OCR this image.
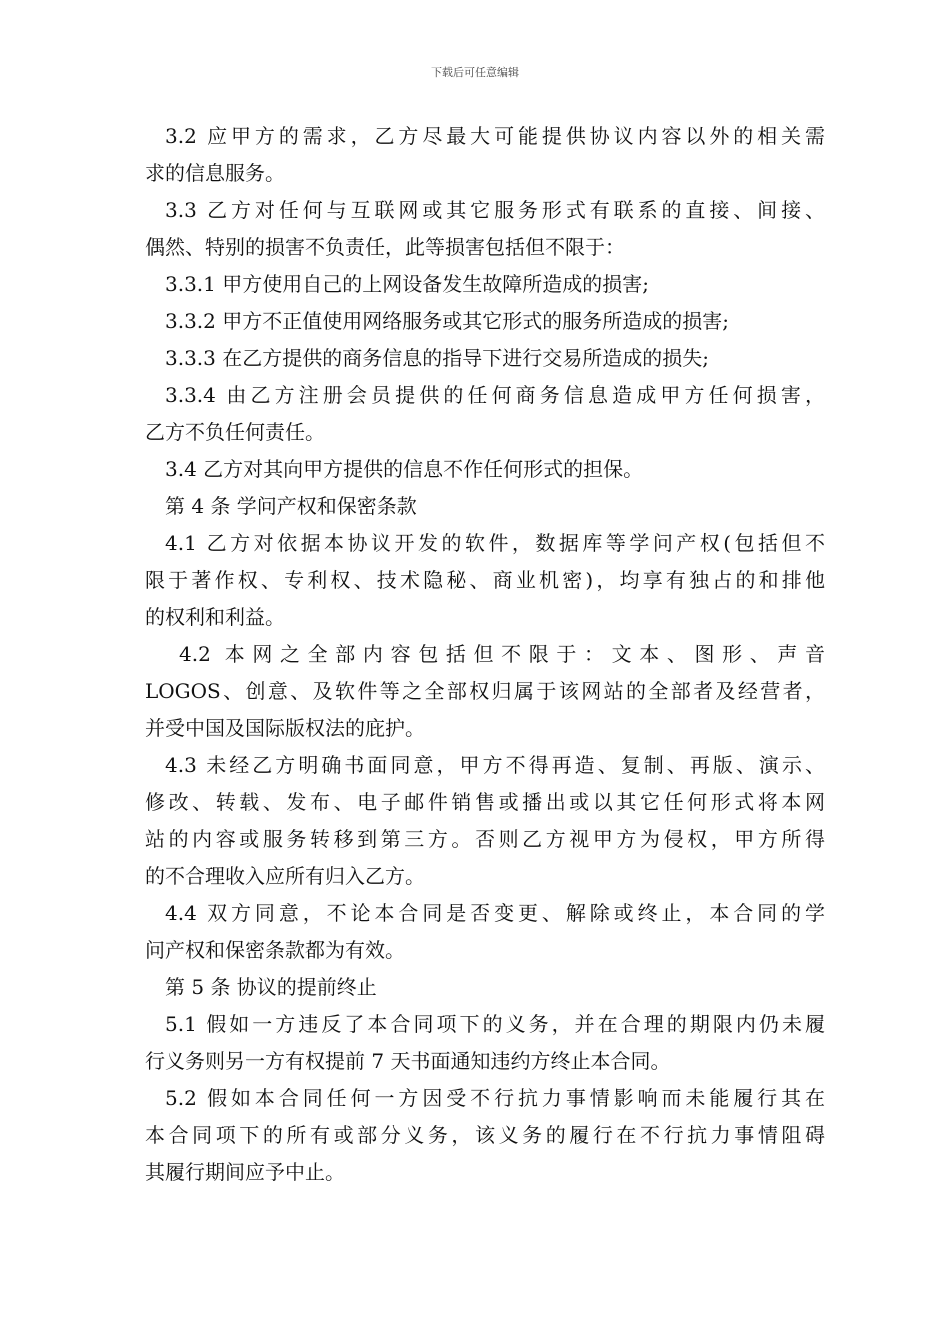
下载后可任意编辑
3.2 应甲方的需求，乙方尽最大可能提供协议内容以外的相关需
求的信息服务。
3.3 乙方对任何与互联网或其它服务形式有联系的直接、间接、
偶然、特别的损害不负责任，此等损害包括但不限于：
3.3.1 甲方使用自己的上网设备发生故障所造成的损害;
3.3.2 甲方不正值使用网络服务或其它形式的服务所造成的损害;
3.3.3 在乙方提供的商务信息的指导下进行交易所造成的损失;
3.3.4 由乙方注册会员提供的任何商务信息造成甲方任何损害，
乙方不负任何责任。
3.4 乙方对其向甲方提供的信息不作任何形式的担保。
第 4 条 学问产权和保密条款
4.1 乙方对依据本协议开发的软件，数据库等学问产权(包括但不
限于著作权、专利权、技术隐秘、商业机密)，均享有独占的和排他
的权利和利益。
4.2 本网之全部内容包括但不限于：文本、图形、声音
LOGOS、创意、及软件等之全部权归属于该网站的全部者及经营者，
并受中国及国际版权法的庇护。
4.3 未经乙方明确书面同意，甲方不得再造、复制、再版、演示、
修改、转载、发布、电子邮件销售或播出或以其它任何形式将本网
站的内容或服务转移到第三方。否则乙方视甲方为侵权，甲方所得
的不合理收入应所有归入乙方。
4.4 双方同意，不论本合同是否变更、解除或终止，本合同的学
问产权和保密条款都为有效。
第 5 条 协议的提前终止
5.1 假如一方违反了本合同项下的义务，并在合理的期限内仍未履
行义务则另一方有权提前 7 天书面通知违约方终止本合同。
5.2 假如本合同任何一方因受不行抗力事情影响而未能履行其在
本合同项下的所有或部分义务，该义务的履行在不行抗力事情阻碍
其履行期间应予中止。
